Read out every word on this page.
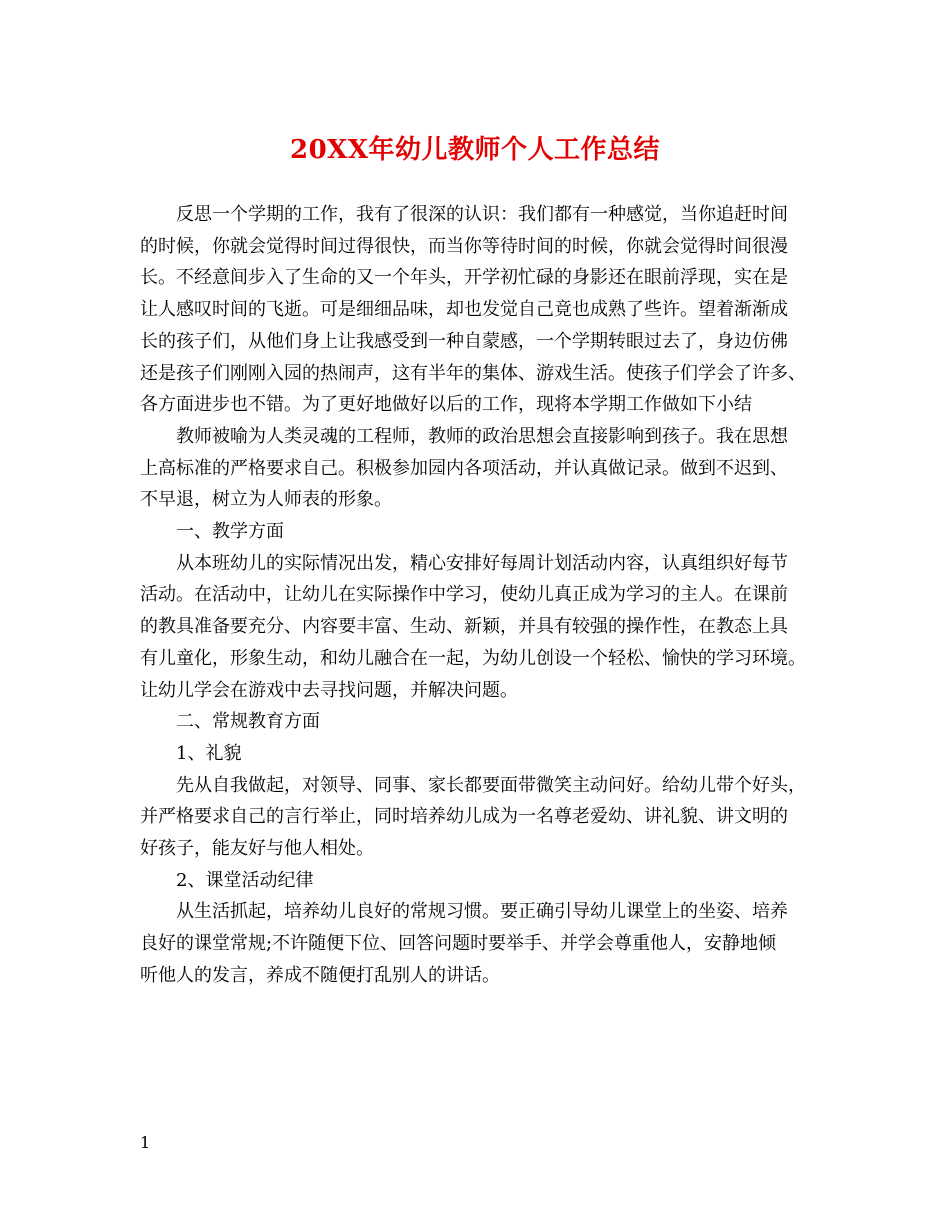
20XX年幼儿教师个人工作总结

反思一个学期的工作，我有了很深的认识：我们都有一种感觉，当你追赶时间
的时候，你就会觉得时间过得很快，而当你等待时间的时候，你就会觉得时间很漫
长。不经意间步入了生命的又一个年头，开学初忙碌的身影还在眼前浮现，实在是
让人感叹时间的飞逝。可是细细品味，却也发觉自己竟也成熟了些许。望着渐渐成
长的孩子们，从他们身上让我感受到一种自蒙感，一个学期转眼过去了，身边仿佛
还是孩子们刚刚入园的热闹声，这有半年的集体、游戏生活。使孩子们学会了许多、
各方面进步也不错。为了更好地做好以后的工作，现将本学期工作做如下小结

教师被喻为人类灵魂的工程师，教师的政治思想会直接影响到孩子。我在思想
上高标准的严格要求自己。积极参加园内各项活动，并认真做记录。做到不迟到、
不早退，树立为人师表的形象。

一、教学方面

从本班幼儿的实际情况出发，精心安排好每周计划活动内容，认真组织好每节
活动。在活动中，让幼儿在实际操作中学习，使幼儿真正成为学习的主人。在课前
的教具准备要充分、内容要丰富、生动、新颖，并具有较强的操作性，在教态上具
有儿童化，形象生动，和幼儿融合在一起，为幼儿创设一个轻松、愉快的学习环境。
让幼儿学会在游戏中去寻找问题，并解决问题。

二、常规教育方面

1、礼貌

先从自我做起，对领导、同事、家长都要面带微笑主动问好。给幼儿带个好头，
并严格要求自己的言行举止，同时培养幼儿成为一名尊老爱幼、讲礼貌、讲文明的
好孩子，能友好与他人相处。

2、课堂活动纪律

从生活抓起，培养幼儿良好的常规习惯。要正确引导幼儿课堂上的坐姿、培养
良好的课堂常规;不许随便下位、回答问题时要举手、并学会尊重他人，安静地倾
听他人的发言，养成不随便打乱别人的讲话。

1
